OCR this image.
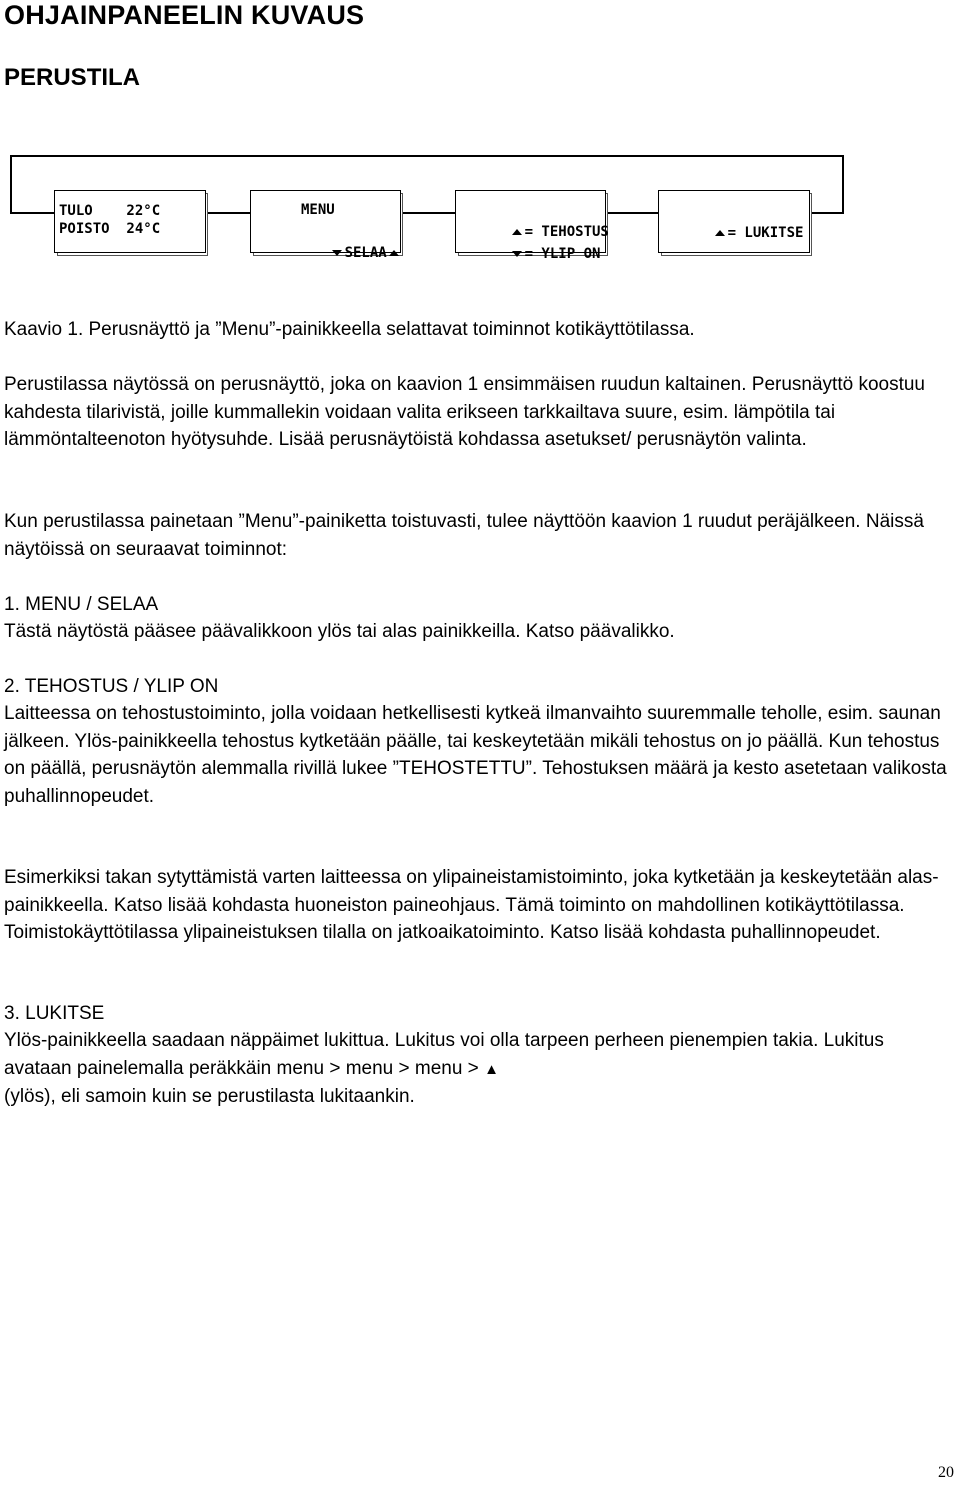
OHJAINPANEELIN KUVAUS
PERUSTILA
TULO    22°C
POISTO  24°C
MENU

SELAA

= TEHOSTUS

= YLIP ON

= LUKITSE

Kaavio 1. Perusnäyttö ja ”Menu”-painikkeella selattavat toiminnot kotikäyttötilassa.

Perustilassa näytössä on perusnäyttö, joka on kaavion 1 ensimmäisen ruudun kaltainen. Perusnäyttö koostuu kahdesta tilarivistä, joille kummallekin voidaan valita erikseen tarkkailtava suure, esim. lämpötila tai lämmöntalteenoton hyötysuhde. Lisää perusnäytöistä kohdassa asetukset/ perusnäytön valinta.

Kun perustilassa painetaan ”Menu”-painiketta toistuvasti, tulee näyttöön kaavion 1 ruudut peräjälkeen. Näissä näytöissä on seuraavat toiminnot:

1. MENU / SELAA

Tästä näytöstä pääsee päävalikkoon ylös tai alas painikkeilla. Katso päävalikko.

2. TEHOSTUS / YLIP ON

Laitteessa on tehostustoiminto, jolla voidaan hetkellisesti kytkeä ilmanvaihto suuremmalle teholle, esim. saunan jälkeen. Ylös-painikkeella tehostus kytketään päälle, tai keskeytetään mikäli tehostus on jo päällä. Kun tehostus on päällä, perusnäytön alemmalla rivillä lukee ”TEHOSTETTU”. Tehostuksen määrä ja kesto asetetaan valikosta puhallinnopeudet.

Esimerkiksi takan sytyttämistä varten laitteessa on ylipaineistamistoiminto, joka kytketään ja keskeytetään alas-painikkeella. Katso lisää kohdasta huoneiston paineohjaus. Tämä toiminto on mahdollinen kotikäyttötilassa. Toimistokäyttötilassa ylipaineistuksen tilalla on jatkoaikatoiminto. Katso lisää kohdasta puhallinnopeudet.

3. LUKITSE

Ylös-painikkeella saadaan näppäimet lukittua. Lukitus voi olla tarpeen perheen pienempien takia. Lukitus avataan painelemalla peräkkäin menu > menu > menu > ▲
(ylös), eli samoin kuin se perustilasta lukitaankin.

20
